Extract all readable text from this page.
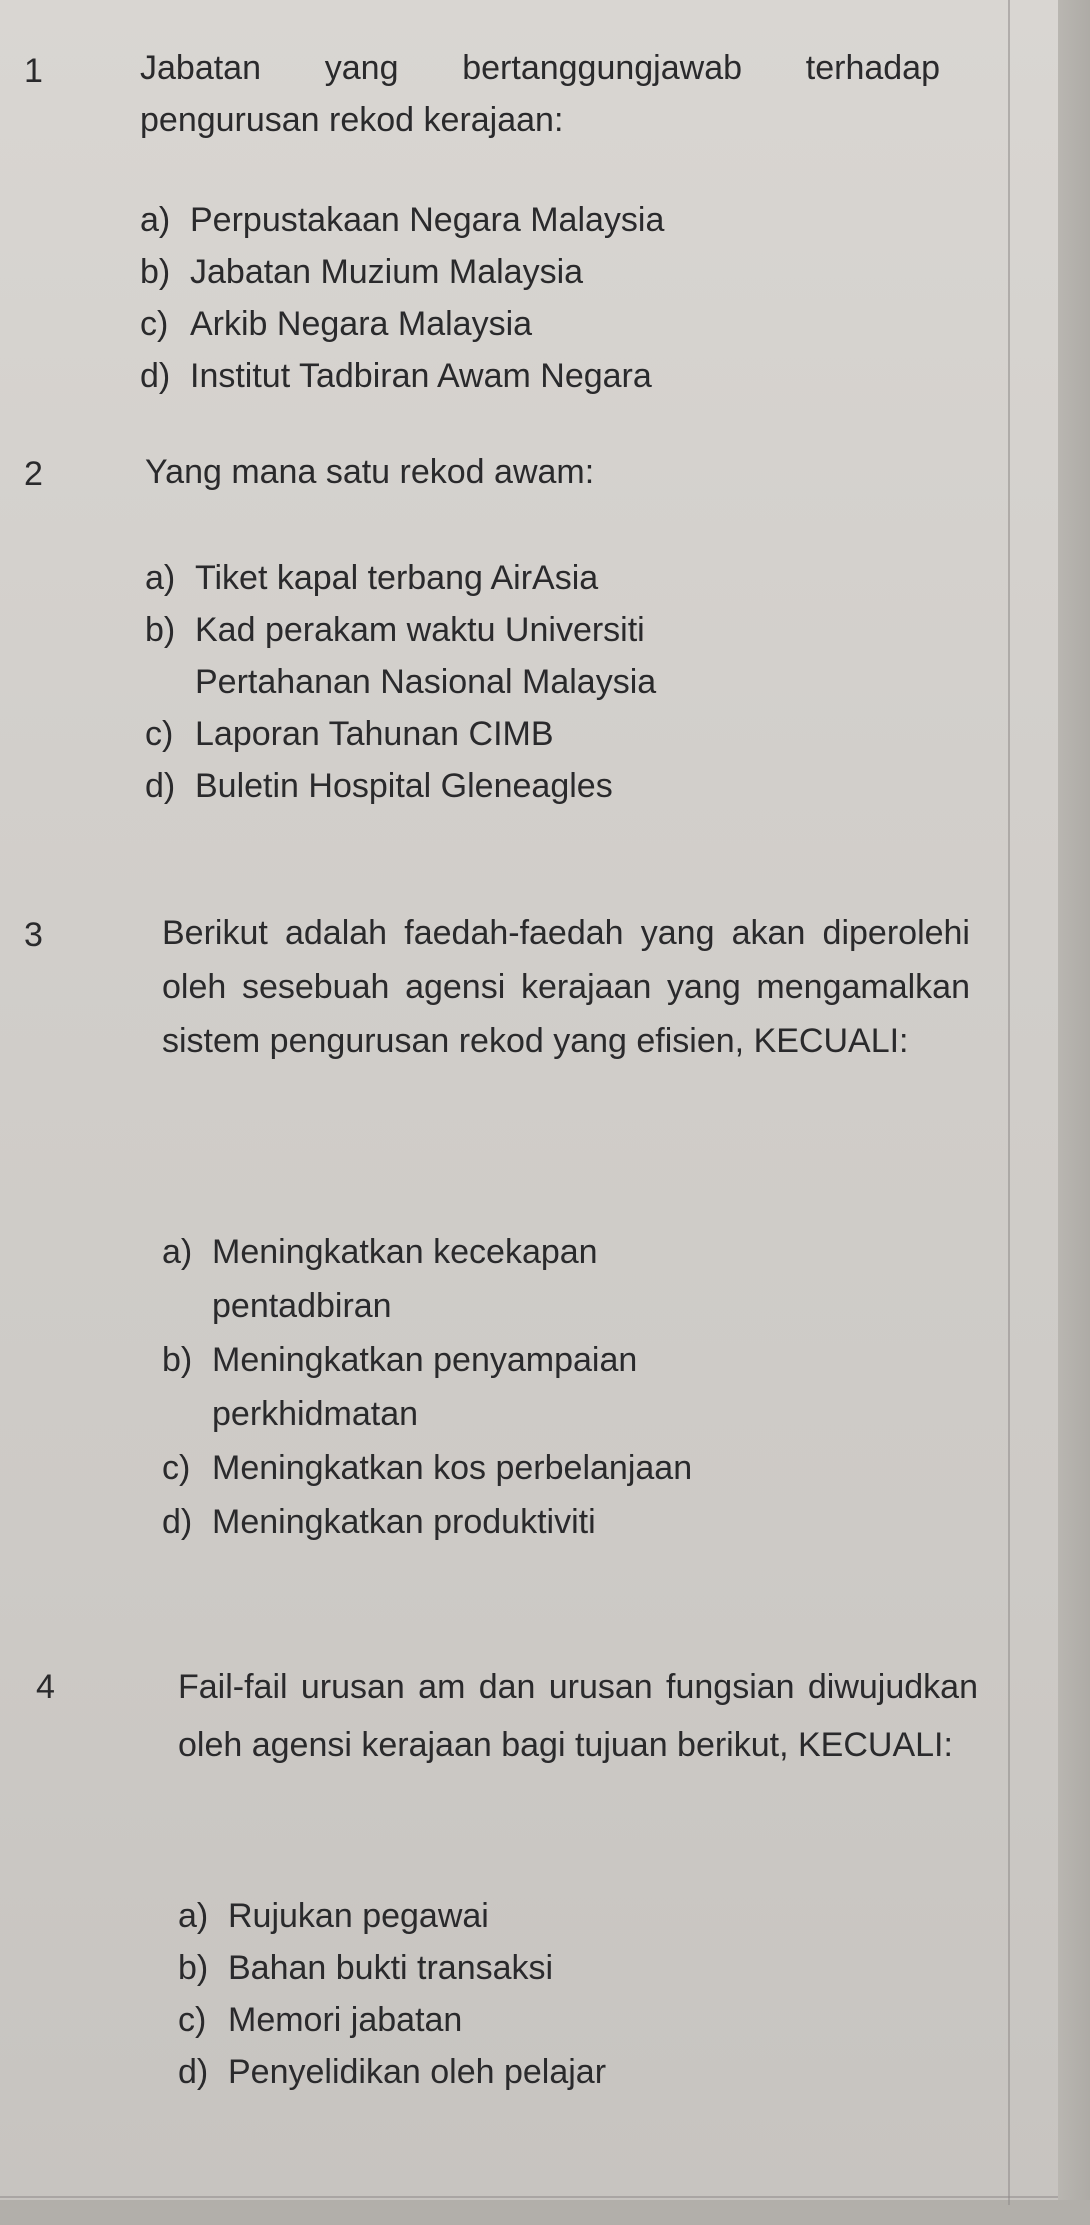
1	Jabatan yang bertanggungjawab terhadap pengurusan rekod kerajaan:
a) Perpustakaan Negara Malaysia
b) Jabatan Muzium Malaysia
c) Arkib Negara Malaysia
d) Institut Tadbiran Awam Negara
2	Yang mana satu rekod awam:
a) Tiket kapal terbang AirAsia
b) Kad perakam waktu Universiti Pertahanan Nasional Malaysia
c) Laporan Tahunan CIMB
d) Buletin Hospital Gleneagles
3	Berikut adalah faedah-faedah yang akan diperolehi oleh sesebuah agensi kerajaan yang mengamalkan sistem pengurusan rekod yang efisien, KECUALI:
a) Meningkatkan kecekapan pentadbiran
b) Meningkatkan penyampaian perkhidmatan
c) Meningkatkan kos perbelanjaan
d) Meningkatkan produktiviti
4	Fail-fail urusan am dan urusan fungsian diwujudkan oleh agensi kerajaan bagi tujuan berikut, KECUALI:
a) Rujukan pegawai
b) Bahan bukti transaksi
c) Memori jabatan
d) Penyelidikan oleh pelajar
